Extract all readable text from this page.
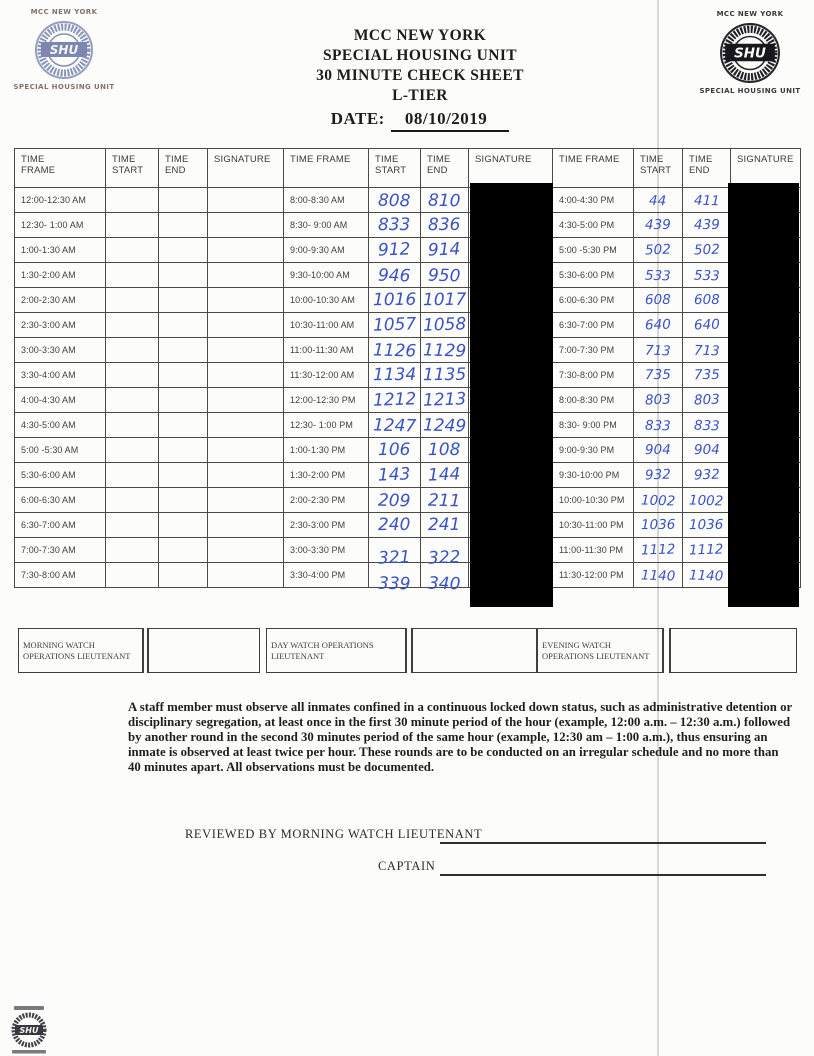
MCC NEW YORK
SHU
SPECIAL HOUSING UNIT
MCC NEW YORK
SHU
SPECIAL HOUSING UNIT
SHU
MCC NEW YORK
SPECIAL HOUSING UNIT
30 MINUTE CHECK SHEET
L-TIER
DATE: 08/10/2019
TIME FRAME	TIME START	TIME END	SIGNATURE	TIME FRAME	TIME START	TIME END	SIGNATURE	TIME FRAME	TIME START	TIME END	SIGNATURE
12:00-12:30 AM				8:00-8:30 AM	808	810		4:00-4:30 PM	44	411	
12:30- 1:00 AM				8:30- 9:00 AM	833	836		4:30-5:00 PM	439	439	
1:00-1:30 AM				9:00-9:30 AM	912	914		5:00 -5:30 PM	502	502	
1:30-2:00 AM				9:30-10:00 AM	946	950		5:30-6:00 PM	533	533	
2:00-2:30 AM				10:00-10:30 AM	1016	1017		6:00-6:30 PM	608	608	
2:30-3:00 AM				10:30-11:00 AM	1057	1058		6:30-7:00 PM	640	640	
3:00-3:30 AM				11:00-11:30 AM	1126	1129		7:00-7:30 PM	713	713	
3:30-4:00 AM				11:30-12:00 AM	1134	1135		7:30-8:00 PM	735	735	
4:00-4:30 AM				12:00-12:30 PM	1212	1213		8:00-8:30 PM	803	803	
4:30-5:00 AM				12:30- 1:00 PM	1247	1249		8:30- 9:00 PM	833	833	
5:00 -5:30 AM				1:00-1:30 PM	106	108		9:00-9:30 PM	904	904	
5:30-6:00 AM				1:30-2:00 PM	143	144		9:30-10:00 PM	932	932	
6:00-6:30 AM				2:00-2:30 PM	209	211		10:00-10:30 PM	1002	1002	
6:30-7:00 AM				2:30-3:00 PM	240	241		10:30-11:00 PM	1036	1036	
7:00-7:30 AM				3:00-3:30 PM	321	322		11:00-11:30 PM	1112	1112	
7:30-8:00 AM				3:30-4:00 PM	339	340		11:30-12:00 PM	1140	1140	
MORNING WATCH OPERATIONS LIEUTENANT
DAY WATCH OPERATIONS LIEUTENANT
EVENING WATCH OPERATIONS LIEUTENANT

A staff member must observe all inmates confined in a continuous locked down status, such as administrative detention or disciplinary segregation, at least once in the first 30 minute period of the hour (example, 12:00 a.m. – 12:30 a.m.) followed by another round in the second 30 minutes period of the same hour (example, 12:30 am – 1:00 a.m.), thus ensuring an inmate is observed at least twice per hour. These rounds are to be conducted on an irregular schedule and no more than 40 minutes apart. All observations must be documented.

REVIEWED BY MORNING WATCH LIEUTENANT
CAPTAIN
